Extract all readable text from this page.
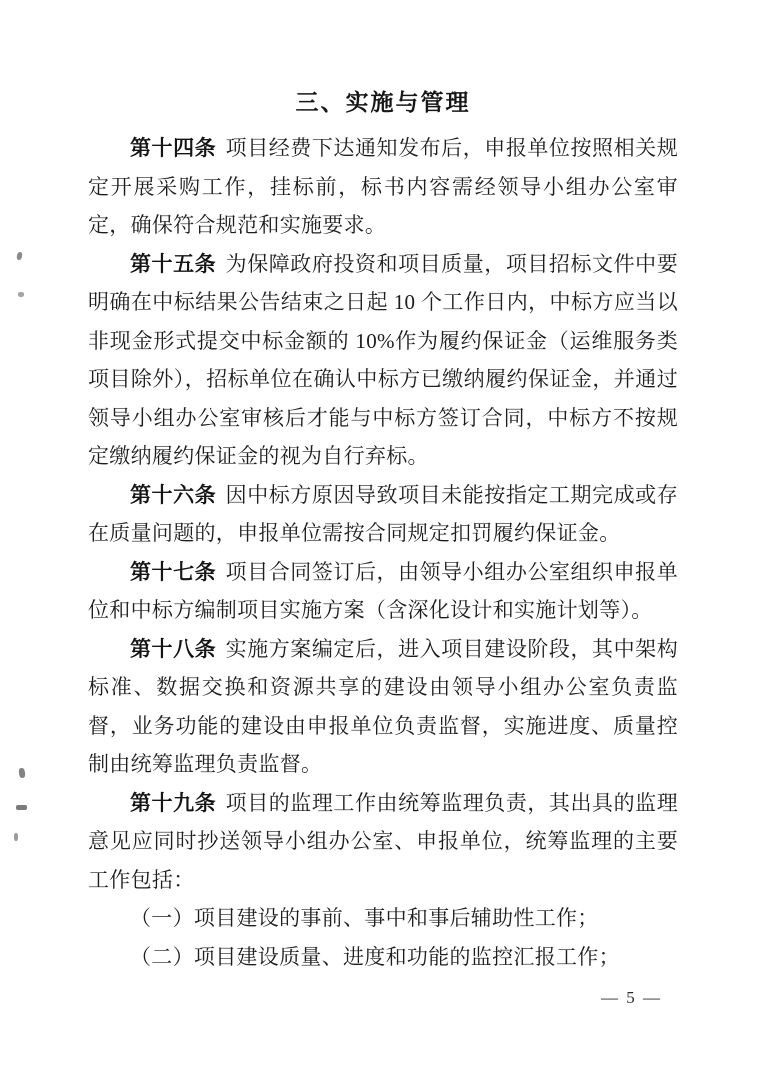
三、实施与管理

第十四条 项目经费下达通知发布后，申报单位按照相关规定开展采购工作，挂标前，标书内容需经领导小组办公室审定，确保符合规范和实施要求。

第十五条 为保障政府投资和项目质量，项目招标文件中要明确在中标结果公告结束之日起 10 个工作日内，中标方应当以非现金形式提交中标金额的 10%作为履约保证金（运维服务类项目除外），招标单位在确认中标方已缴纳履约保证金，并通过领导小组办公室审核后才能与中标方签订合同，中标方不按规定缴纳履约保证金的视为自行弃标。

第十六条 因中标方原因导致项目未能按指定工期完成或存在质量问题的，申报单位需按合同规定扣罚履约保证金。

第十七条 项目合同签订后，由领导小组办公室组织申报单位和中标方编制项目实施方案（含深化设计和实施计划等）。

第十八条 实施方案编定后，进入项目建设阶段，其中架构标准、数据交换和资源共享的建设由领导小组办公室负责监督，业务功能的建设由申报单位负责监督，实施进度、质量控制由统筹监理负责监督。

第十九条 项目的监理工作由统筹监理负责，其出具的监理意见应同时抄送领导小组办公室、申报单位，统筹监理的主要工作包括：

（一）项目建设的事前、事中和事后辅助性工作；

（二）项目建设质量、进度和功能的监控汇报工作；

— 5 —
